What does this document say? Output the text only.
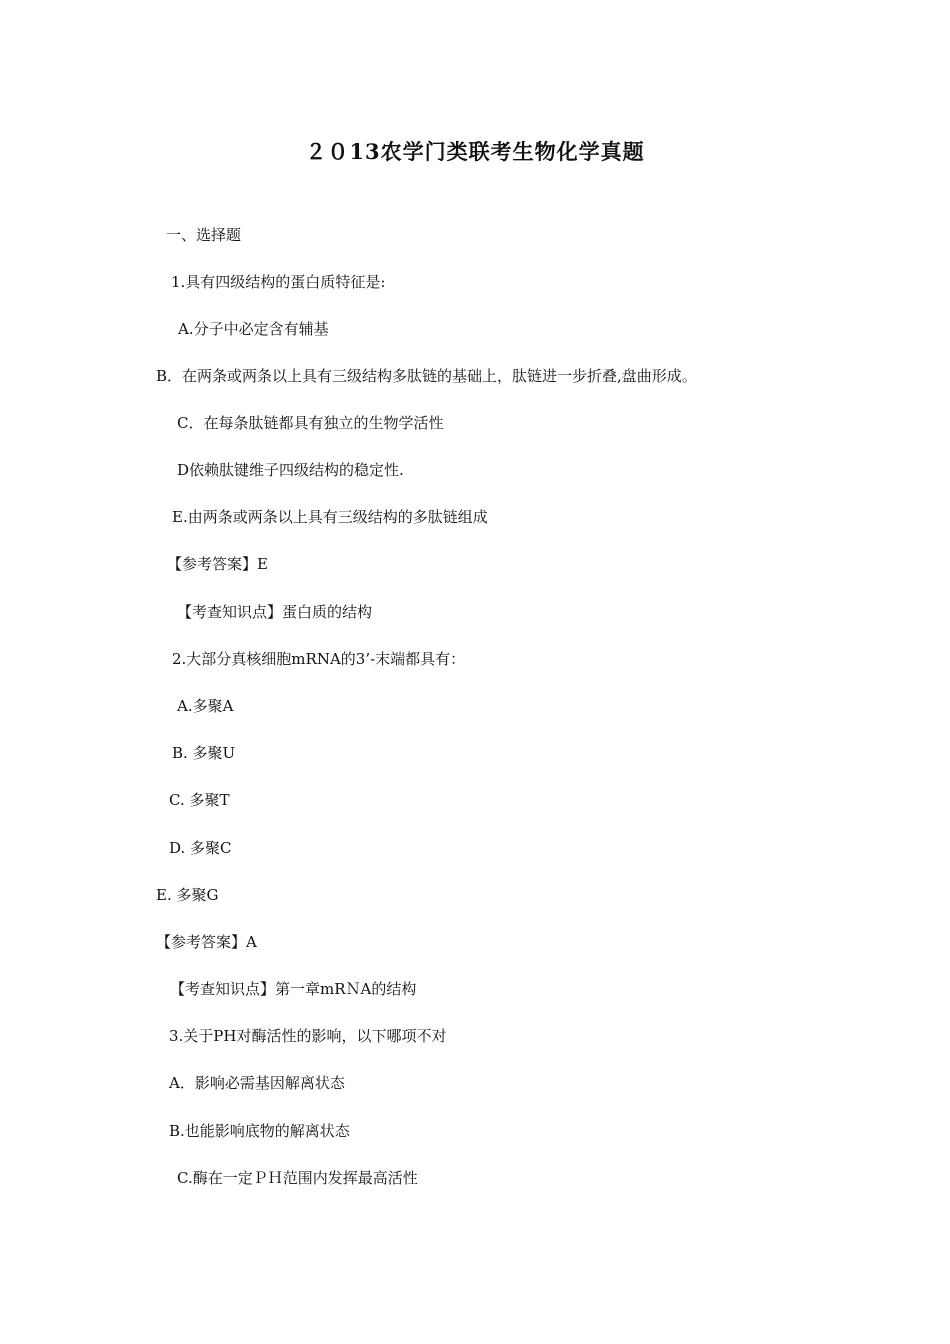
２０13农学门类联考生物化学真题
一、选择题
1.具有四级结构的蛋白质特征是:
A.分子中必定含有辅基
B．在两条或两条以上具有三级结构多肽链的基础上，肽链进一步折叠,盘曲形成。
C．在每条肽链都具有独立的生物学活性
D依赖肽键维子四级结构的稳定性.
E.由两条或两条以上具有三级结构的多肽链组成
【参考答案】E
【考查知识点】蛋白质的结构
2.大部分真核细胞mRNA的3’-末端都具有：
A.多聚A
B. 多聚U
C. 多聚T
D. 多聚C
E. 多聚G
【参考答案】A
【考查知识点】第一章mRＮA的结构
3.关于PH对酶活性的影响，以下哪项不对
A．影响必需基因解离状态
B.也能影响底物的解离状态
C.酶在一定ＰＨ范围内发挥最高活性
